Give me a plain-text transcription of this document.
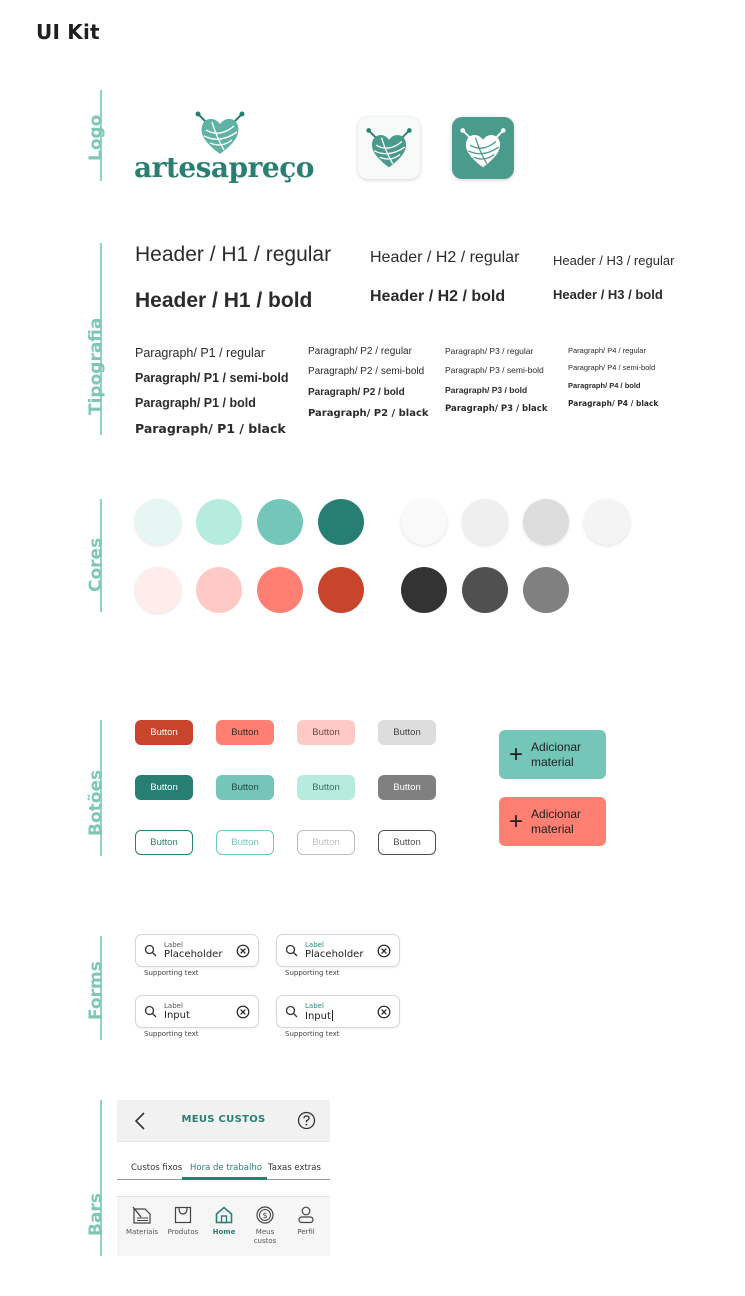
UI Kit
Logo
Tipografia
Cores
Botões
Forms
Bars
artesapreço
Header / H1 / regular
Header / H1 / bold
Header / H2 / regular
Header / H2 / bold
Header / H3 / regular
Header / H3 / bold
Paragraph/ P1 / regular
Paragraph/ P1 / semi-bold
Paragraph/ P1 / bold
Paragraph/ P1 / black
Paragraph/ P2 / regular
Paragraph/ P2 / semi-bold
Paragraph/ P2 / bold
Paragraph/ P2 / black
Paragraph/ P3 / regular
Paragraph/ P3 / semi-bold
Paragraph/ P3 / bold
Paragraph/ P3 / black
Paragraph/ P4 / regular
Paragraph/ P4 / semi-bold
Paragraph/ P4 / bold
Paragraph/ P4 / black
Button	Button	Button	Button
Button	Button	Button	Button
Button	Button	Button	Button
+ Adicionar
material
+ Adicionar
material
Label
Placeholder
Supporting text
Label
Placeholder
Supporting text
Label
Input
Supporting text
Label
Input
Supporting text
MEUS CUSTOS
Custos fixos Hora de trabalho Taxas extras
Materiais	Produtos	Home
$
Meus custos
Perfil
